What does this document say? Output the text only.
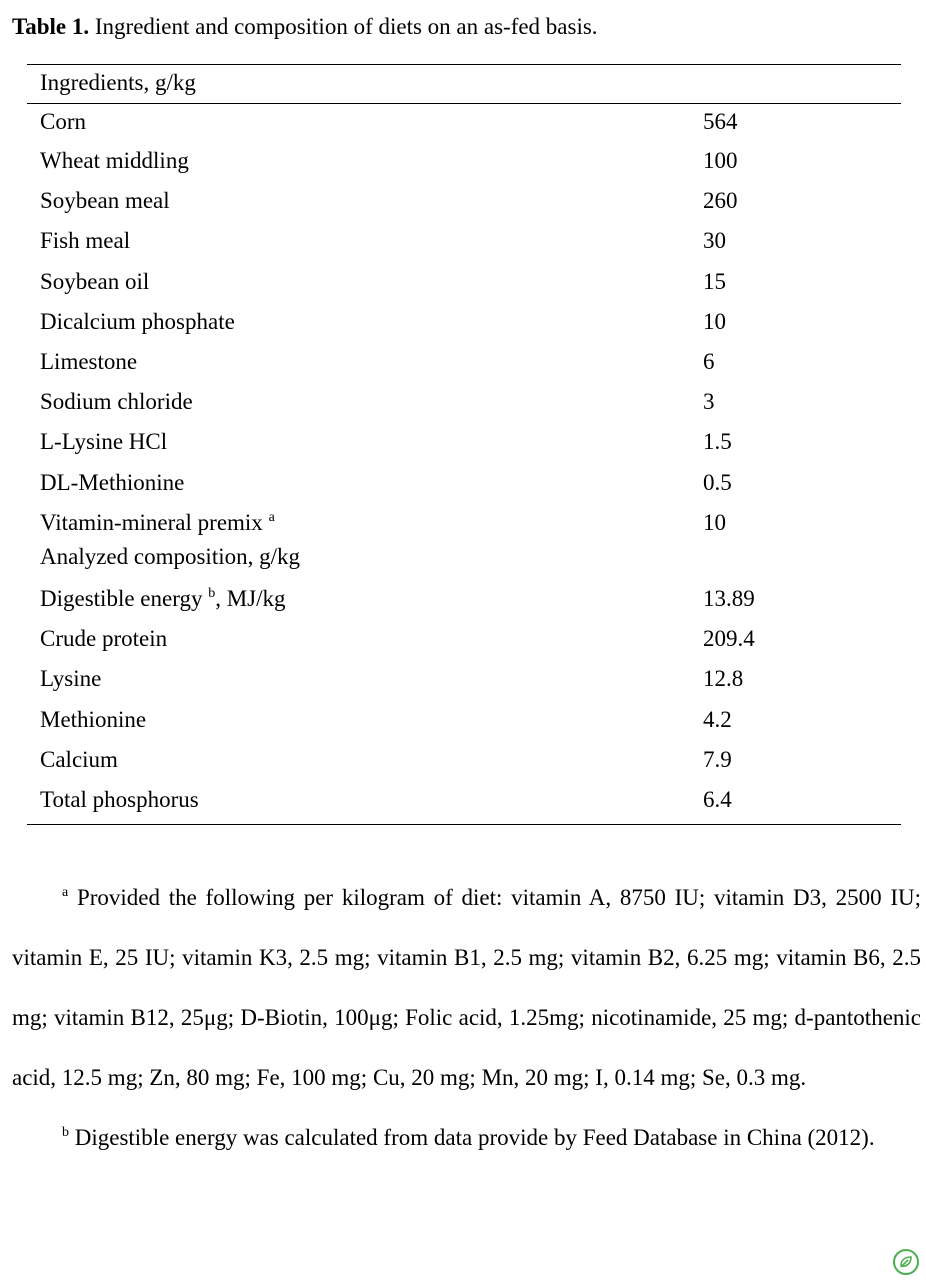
Table 1. Ingredient and composition of diets on an as-fed basis.
Ingredients, g/kg
Corn	564
Wheat middling	100
Soybean meal	260
Fish meal	30
Soybean oil	15
Dicalcium phosphate	10
Limestone	6
Sodium chloride	3
L-Lysine HCl	1.5
DL-Methionine	0.5
Vitamin-mineral premix $^a$	10
Analyzed composition, g/kg
Digestible energy $^b$, MJ/kg	13.89
Crude protein	209.4
Lysine	12.8
Methionine	4.2
Calcium	7.9
Total phosphorus	6.4

$^a$ Provided the following per kilogram of diet: vitamin A, 8750 IU; vitamin D3, 2500 IU; vitamin E, 25 IU; vitamin K3, 2.5 mg; vitamin B1, 2.5 mg; vitamin B2, 6.25 mg; vitamin B6, 2.5 mg; vitamin B12, 25μg; D-Biotin, 100μg; Folic acid, 1.25mg; nicotinamide, 25 mg; d-pantothenic acid, 12.5 mg; Zn, 80 mg; Fe, 100 mg; Cu, 20 mg; Mn, 20 mg; I, 0.14 mg; Se, 0.3 mg.

$^b$ Digestible energy was calculated from data provide by Feed Database in China (2012).
